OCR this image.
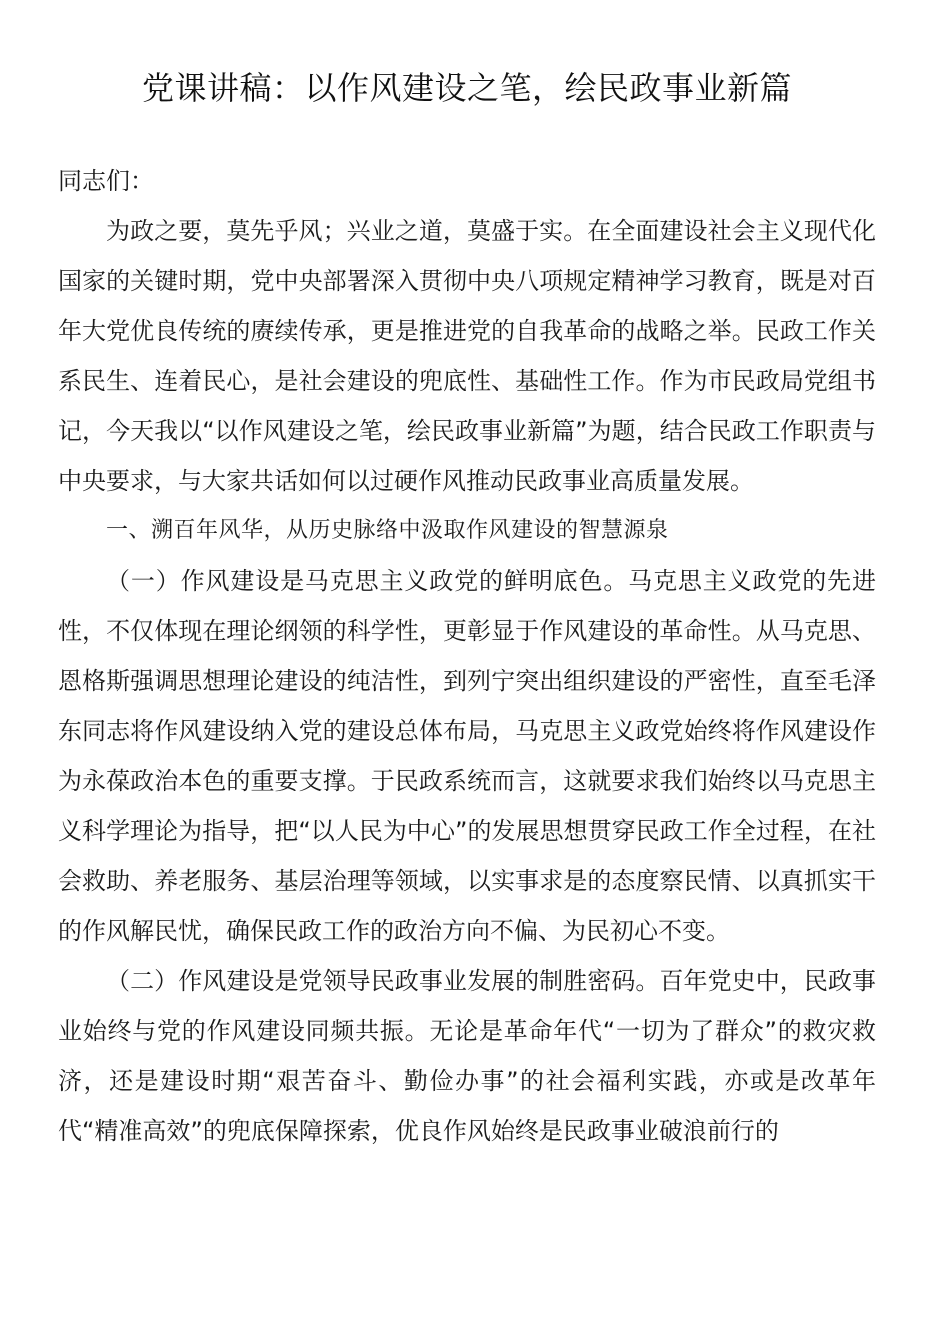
党课讲稿：以作风建设之笔，绘民政事业新篇

同志们：

为政之要，莫先乎风；兴业之道，莫盛于实。在全面建设社会主义现代化国家的关键时期，党中央部署深入贯彻中央八项规定精神学习教育，既是对百年大党优良传统的赓续传承，更是推进党的自我革命的战略之举。民政工作关系民生、连着民心，是社会建设的兜底性、基础性工作。作为市民政局党组书记，今天我以“以作风建设之笔，绘民政事业新篇”为题，结合民政工作职责与中央要求，与大家共话如何以过硬作风推动民政事业高质量发展。

一、溯百年风华，从历史脉络中汲取作风建设的智慧源泉

（一）作风建设是马克思主义政党的鲜明底色。马克思主义政党的先进性，不仅体现在理论纲领的科学性，更彰显于作风建设的革命性。从马克思、恩格斯强调思想理论建设的纯洁性，到列宁突出组织建设的严密性，直至毛泽东同志将作风建设纳入党的建设总体布局，马克思主义政党始终将作风建设作为永葆政治本色的重要支撑。于民政系统而言，这就要求我们始终以马克思主义科学理论为指导，把“以人民为中心”的发展思想贯穿民政工作全过程，在社会救助、养老服务、基层治理等领域，以实事求是的态度察民情、以真抓实干的作风解民忧，确保民政工作的政治方向不偏、为民初心不变。

（二）作风建设是党领导民政事业发展的制胜密码。百年党史中，民政事业始终与党的作风建设同频共振。无论是革命年代“一切为了群众”的救灾救济，还是建设时期“艰苦奋斗、勤俭办事”的社会福利实践，亦或是改革年代“精准高效”的兜底保障探索，优良作风始终是民政事业破浪前行的
